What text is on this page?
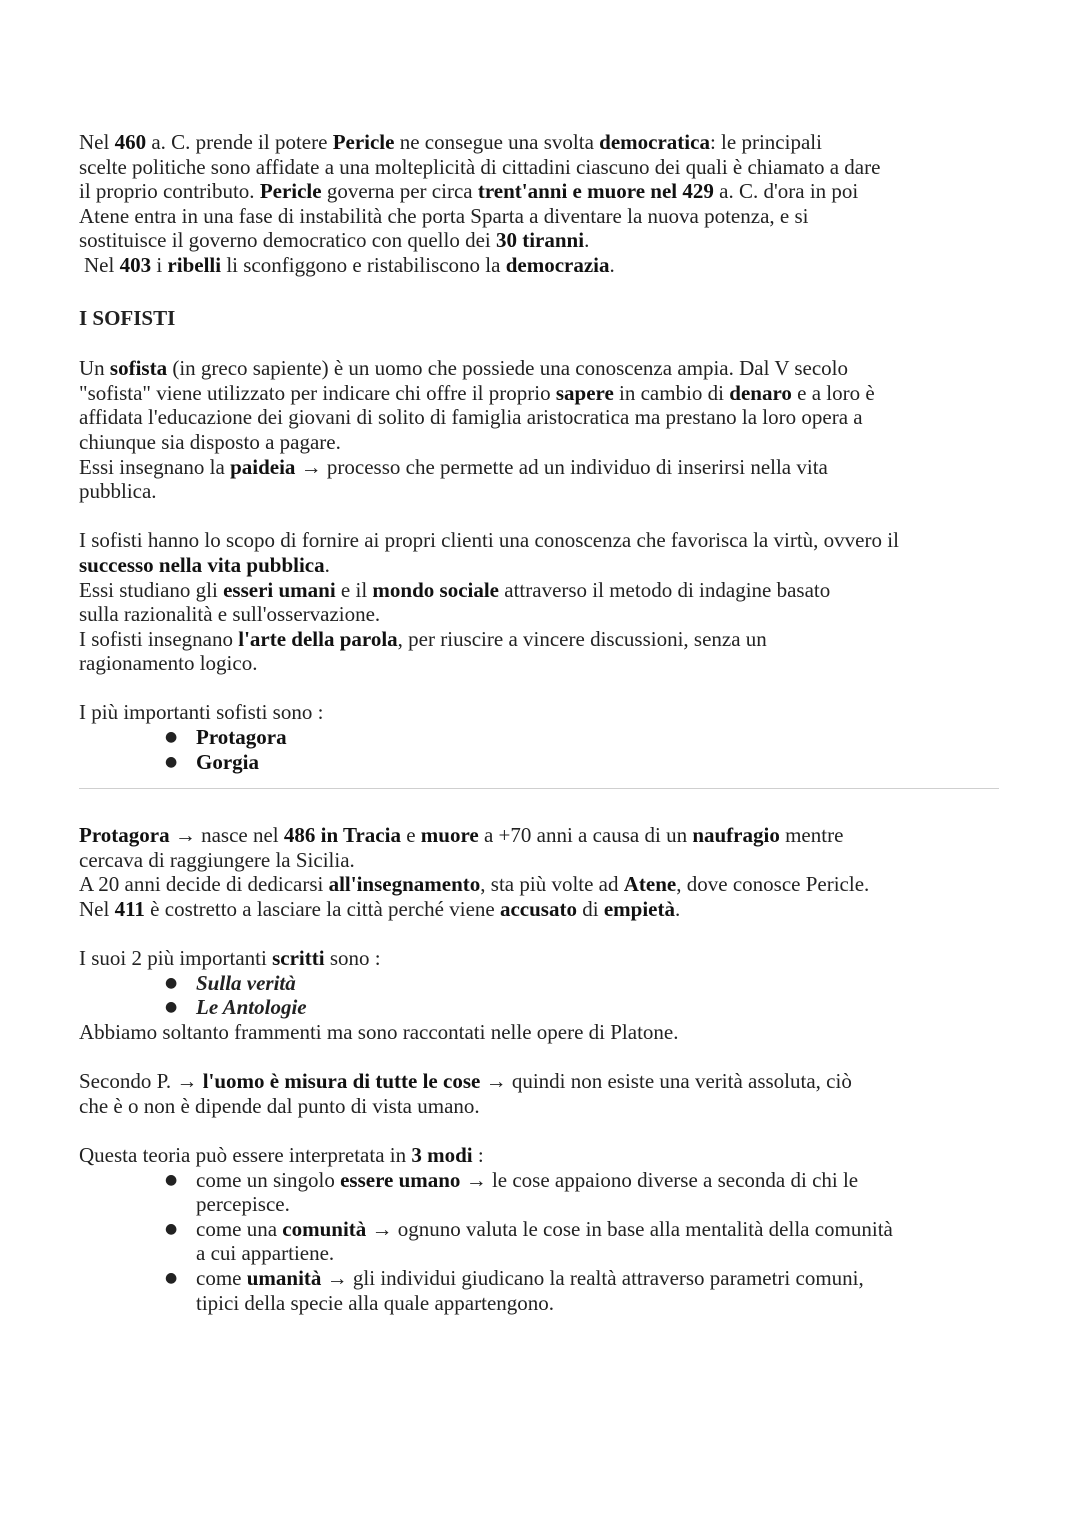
Nel 460 a. C. prende il potere Pericle ne consegue una svolta democratica: le principali

scelte politiche sono affidate a una molteplicità di cittadini ciascuno dei quali è chiamato a dare

il proprio contributo. Pericle governa per circa trent'anni e muore nel 429 a. C. d'ora in poi

Atene entra in una fase di instabilità che porta Sparta a diventare la nuova potenza, e si

sostituisce il governo democratico con quello dei 30 tiranni.

Nel 403 i ribelli li sconfiggono e ristabiliscono la democrazia.

I SOFISTI

Un sofista (in greco sapiente) è un uomo che possiede una conoscenza ampia. Dal V secolo

"sofista" viene utilizzato per indicare chi offre il proprio sapere in cambio di denaro e a loro è

affidata l'educazione dei giovani di solito di famiglia aristocratica ma prestano la loro opera a

chiunque sia disposto a pagare.

Essi insegnano la paideia → processo che permette ad un individuo di inserirsi nella vita

pubblica.

I sofisti hanno lo scopo di fornire ai propri clienti una conoscenza che favorisca la virtù, ovvero il

successo nella vita pubblica.

Essi studiano gli esseri umani e il mondo sociale attraverso il metodo di indagine basato

sulla razionalità e sull'osservazione.

I sofisti insegnano l'arte della parola, per riuscire a vincere discussioni, senza un

ragionamento logico.

I più importanti sofisti sono :

● Protagora
● Gorgia

Protagora → nasce nel 486 in Tracia e muore a +70 anni a causa di un naufragio mentre

cercava di raggiungere la Sicilia.

A 20 anni decide di dedicarsi all'insegnamento, sta più volte ad Atene, dove conosce Pericle.

Nel 411 è costretto a lasciare la città perché viene accusato di empietà.

I suoi 2 più importanti scritti sono :

● Sulla verità
● Le Antologie

Abbiamo soltanto frammenti ma sono raccontati nelle opere di Platone.

Secondo P. → l'uomo è misura di tutte le cose → quindi non esiste una verità assoluta, ciò

che è o non è dipende dal punto di vista umano.

Questa teoria può essere interpretata in 3 modi :

● come un singolo essere umano → le cose appaiono diverse a seconda di chi le
percepisce.
● come una comunità → ognuno valuta le cose in base alla mentalità della comunità
a cui appartiene.
● come umanità → gli individui giudicano la realtà attraverso parametri comuni,
tipici della specie alla quale appartengono.
